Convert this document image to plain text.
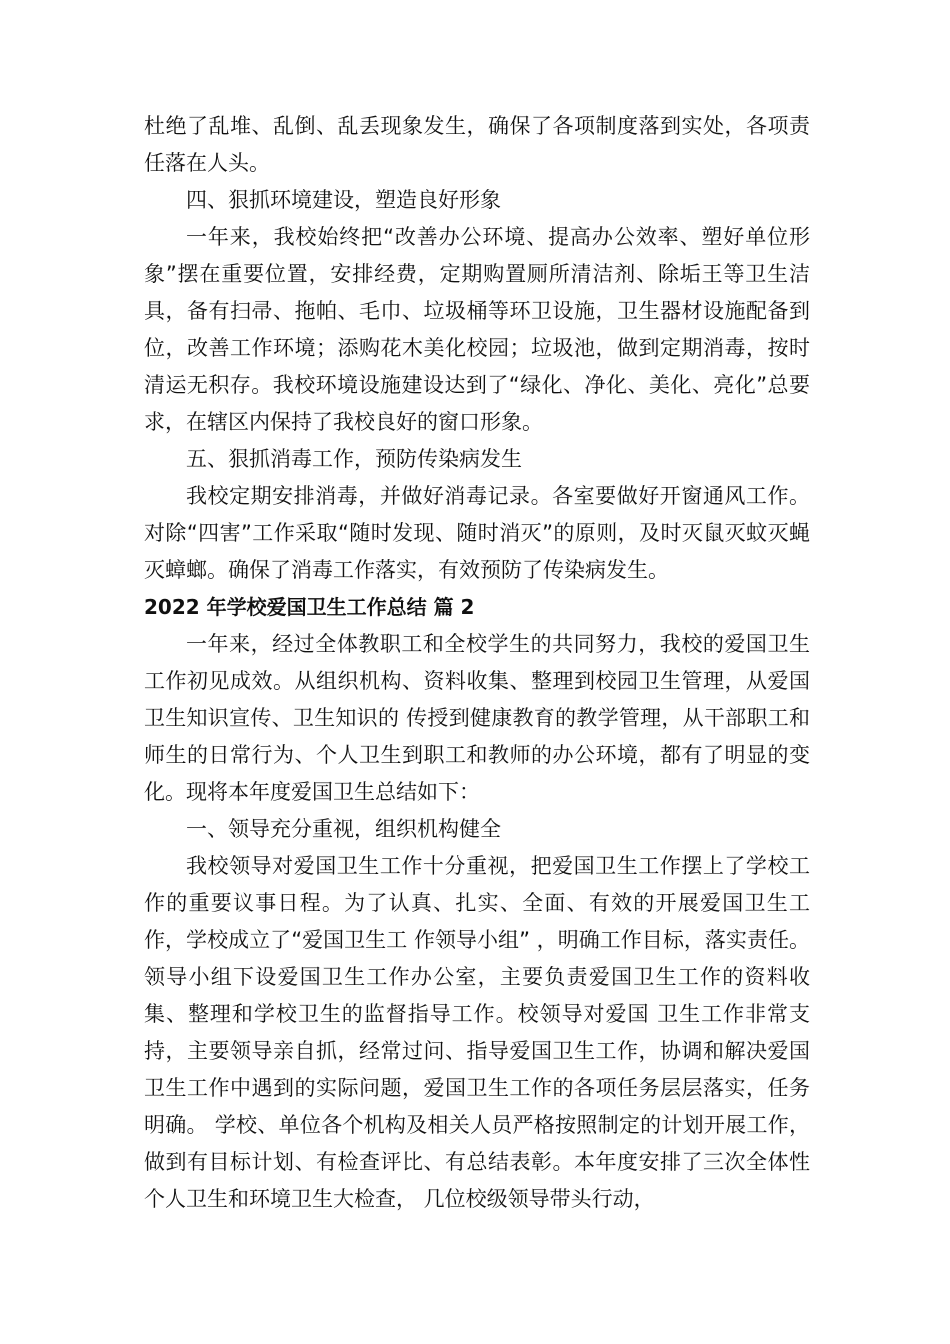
杜绝了乱堆、乱倒、乱丢现象发生，确保了各项制度落到实处，各项责任落在人头。

四、狠抓环境建设，塑造良好形象

一年来，我校始终把“改善办公环境、提高办公效率、塑好单位形象”摆在重要位置，安排经费，定期购置厕所清洁剂、除垢王等卫生洁具，备有扫帚、拖帕、毛巾、垃圾桶等环卫设施，卫生器材设施配备到位，改善工作环境；添购花木美化校园；垃圾池，做到定期消毒，按时清运无积存。我校环境设施建设达到了“绿化、净化、美化、亮化”总要求，在辖区内保持了我校良好的窗口形象。

五、狠抓消毒工作，预防传染病发生

我校定期安排消毒，并做好消毒记录。各室要做好开窗通风工作。对除“四害”工作采取“随时发现、随时消灭”的原则，及时灭鼠灭蚊灭蝇灭蟑螂。确保了消毒工作落实，有效预防了传染病发生。

2022 年学校爱国卫生工作总结 篇 2

一年来，经过全体教职工和全校学生的共同努力，我校的爱国卫生工作初见成效。从组织机构、资料收集、整理到校园卫生管理，从爱国卫生知识宣传、卫生知识的 传授到健康教育的教学管理，从干部职工和师生的日常行为、个人卫生到职工和教师的办公环境，都有了明显的变化。现将本年度爱国卫生总结如下：

一、领导充分重视，组织机构健全

我校领导对爱国卫生工作十分重视，把爱国卫生工作摆上了学校工作的重要议事日程。为了认真、扎实、全面、有效的开展爱国卫生工作，学校成立了“爱国卫生工 作领导小组” ，明确工作目标，落实责任。领导小组下设爱国卫生工作办公室，主要负责爱国卫生工作的资料收集、整理和学校卫生的监督指导工作。校领导对爱国 卫生工作非常支持，主要领导亲自抓，经常过问、指导爱国卫生工作，协调和解决爱国卫生工作中遇到的实际问题，爱国卫生工作的各项任务层层落实，任务明确。 学校、单位各个机构及相关人员严格按照制定的计划开展工作，做到有目标计划、有检查评比、有总结表彰。本年度安排了三次全体性个人卫生和环境卫生大检查， 几位校级领导带头行动，
